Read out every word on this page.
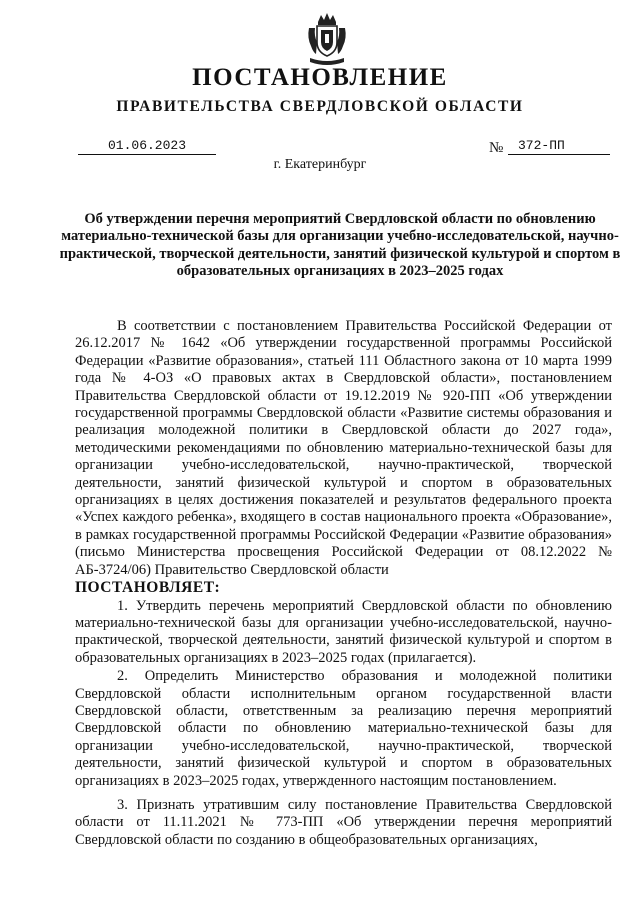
ПОСТАНОВЛЕНИЕ
ПРАВИТЕЛЬСТВА СВЕРДЛОВСКОЙ ОБЛАСТИ
01.06.2023	№	372-ПП
г. Екатеринбург
Об утверждении перечня мероприятий Свердловской области по обновлению материально-технической базы для организации учебно-исследовательской, научно-практической, творческой деятельности, занятий физической культурой и спортом в образовательных организациях в 2023–2025 годах

В соответствии с постановлением Правительства Российской Федерации от 26.12.2017 № 1642 «Об утверждении государственной программы Российской Федерации «Развитие образования», статьей 111 Областного закона от 10 марта 1999 года № 4-ОЗ «О правовых актах в Свердловской области», постановлением Правительства Свердловской области от 19.12.2019 № 920-ПП «Об утверждении государственной программы Свердловской области «Развитие системы образования и реализация молодежной политики в Свердловской области до 2027 года», методическими рекомендациями по обновлению материально-технической базы для организации учебно-исследовательской, научно-практической, творческой деятельности, занятий физической культурой и спортом в образовательных организациях в целях достижения показателей и результатов федерального проекта «Успех каждого ребенка», входящего в состав национального проекта «Образование», в рамках государственной программы Российской Федерации «Развитие образования» (письмо Министерства просвещения Российской Федерации от 08.12.2022 № АБ-3724/06) Правительство Свердловской области

ПОСТАНОВЛЯЕТ:

1. Утвердить перечень мероприятий Свердловской области по обновлению материально-технической базы для организации учебно-исследовательской, научно-практической, творческой деятельности, занятий физической культурой и спортом в образовательных организациях в 2023–2025 годах (прилагается).

2. Определить Министерство образования и молодежной политики Свердловской области исполнительным органом государственной власти Свердловской области, ответственным за реализацию перечня мероприятий Свердловской области по обновлению материально-технической базы для организации учебно-исследовательской, научно-практической, творческой деятельности, занятий физической культурой и спортом в образовательных организациях в 2023–2025 годах, утвержденного настоящим постановлением.

3. Признать утратившим силу постановление Правительства Свердловской области от 11.11.2021 № 773-ПП «Об утверждении перечня мероприятий Свердловской области по созданию в общеобразовательных организациях,
